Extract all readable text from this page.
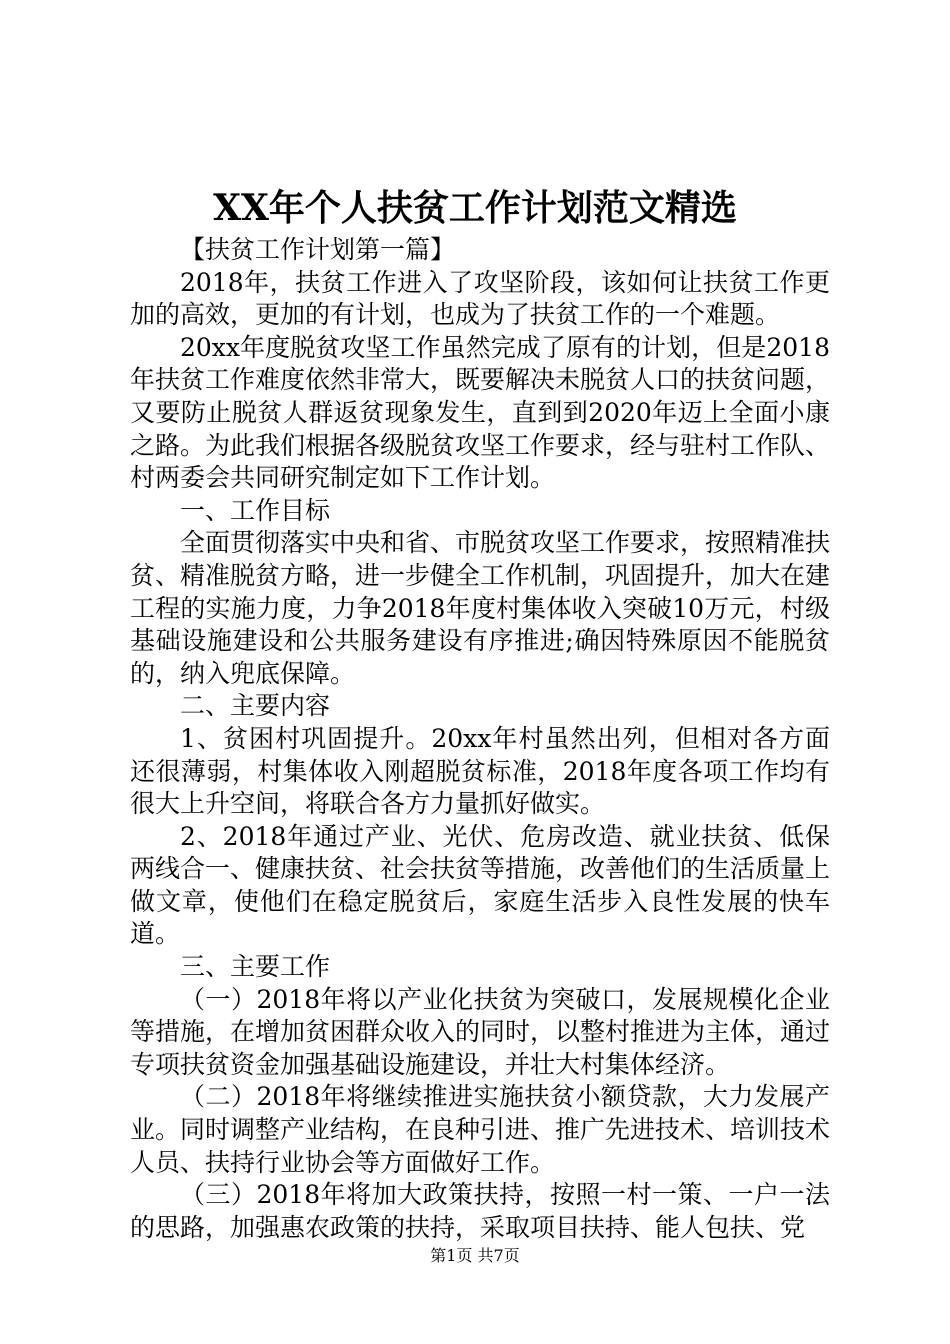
XX年个人扶贫工作计划范文精选

【扶贫工作计划第一篇】

2018年，扶贫工作进入了攻坚阶段，该如何让扶贫工作更加的高效，更加的有计划，也成为了扶贫工作的一个难题。

20xx年度脱贫攻坚工作虽然完成了原有的计划，但是2018年扶贫工作难度依然非常大，既要解决未脱贫人口的扶贫问题，又要防止脱贫人群返贫现象发生，直到到2020年迈上全面小康之路。为此我们根据各级脱贫攻坚工作要求，经与驻村工作队、村两委会共同研究制定如下工作计划。

一、工作目标

全面贯彻落实中央和省、市脱贫攻坚工作要求，按照精准扶贫、精准脱贫方略，进一步健全工作机制，巩固提升，加大在建工程的实施力度，力争2018年度村集体收入突破10万元，村级基础设施建设和公共服务建设有序推进;确因特殊原因不能脱贫的，纳入兜底保障。

二、主要内容

1、贫困村巩固提升。20xx年村虽然出列，但相对各方面还很薄弱，村集体收入刚超脱贫标准，2018年度各项工作均有很大上升空间，将联合各方力量抓好做实。

2、2018年通过产业、光伏、危房改造、就业扶贫、低保两线合一、健康扶贫、社会扶贫等措施，改善他们的生活质量上做文章，使他们在稳定脱贫后，家庭生活步入良性发展的快车道。

三、主要工作

（一）2018年将以产业化扶贫为突破口，发展规模化企业等措施，在增加贫困群众收入的同时，以整村推进为主体，通过专项扶贫资金加强基础设施建设，并壮大村集体经济。

（二）2018年将继续推进实施扶贫小额贷款，大力发展产业。同时调整产业结构，在良种引进、推广先进技术、培训技术人员、扶持行业协会等方面做好工作。

（三）2018年将加大政策扶持，按照一村一策、一户一法的思路，加强惠农政策的扶持，采取项目扶持、能人包扶、党

第1页 共7页
